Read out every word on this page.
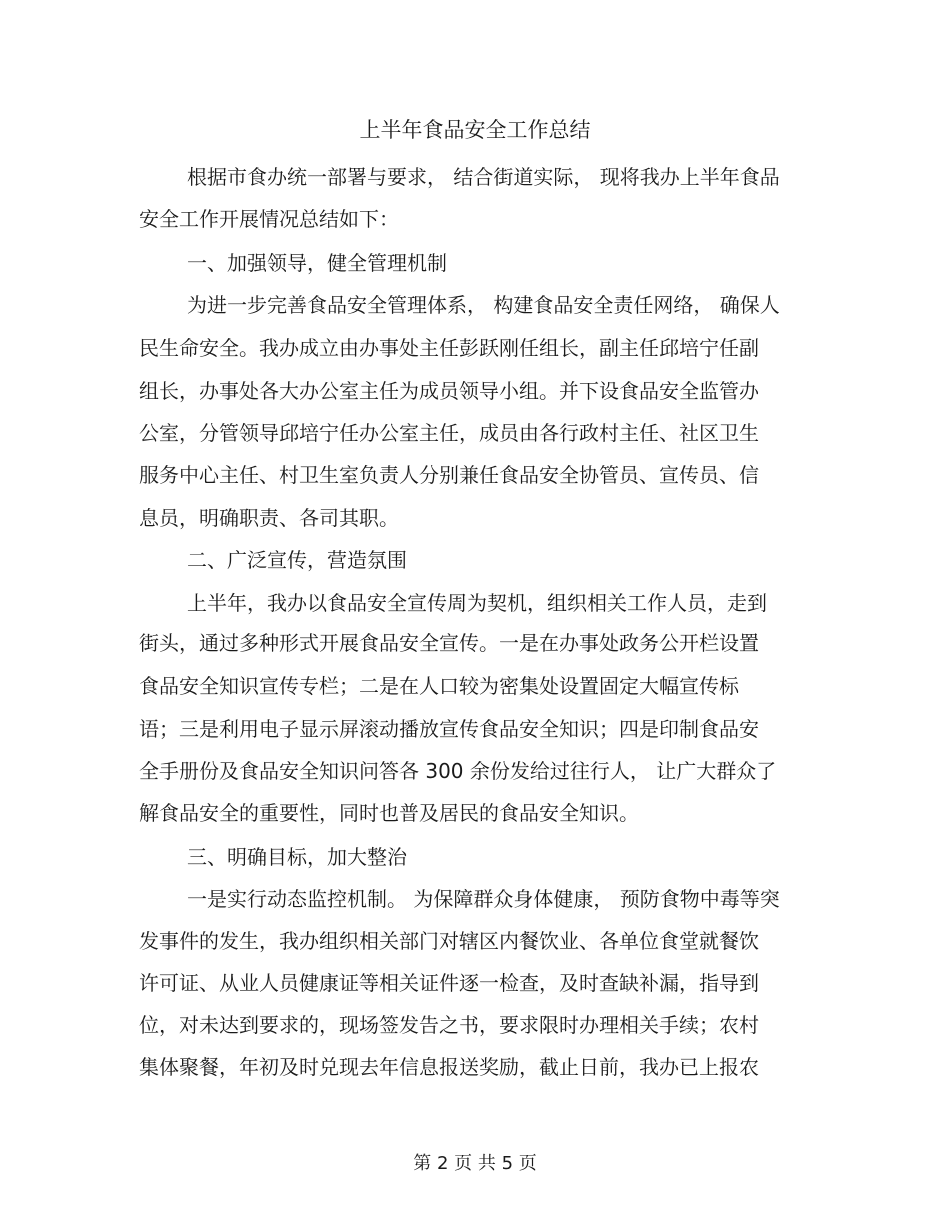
上半年食品安全工作总结
根据市食办统一部署与要求， 结合街道实际， 现将我办上半年食品
安全工作开展情况总结如下：
一、加强领导，健全管理机制
为进一步完善食品安全管理体系， 构建食品安全责任网络， 确保人
民生命安全。我办成立由办事处主任彭跃刚任组长，副主任邱培宁任副
组长，办事处各大办公室主任为成员领导小组。并下设食品安全监管办
公室，分管领导邱培宁任办公室主任，成员由各行政村主任、社区卫生
服务中心主任、村卫生室负责人分别兼任食品安全协管员、宣传员、信
息员，明确职责、各司其职。
二、广泛宣传，营造氛围
上半年，我办以食品安全宣传周为契机，组织相关工作人员，走到
街头，通过多种形式开展食品安全宣传。一是在办事处政务公开栏设置
食品安全知识宣传专栏；二是在人口较为密集处设置固定大幅宣传标
语；三是利用电子显示屏滚动播放宣传食品安全知识；四是印制食品安
全手册份及食品安全知识问答各 300 余份发给过往行人， 让广大群众了
解食品安全的重要性，同时也普及居民的食品安全知识。
三、明确目标，加大整治
一是实行动态监控机制。 为保障群众身体健康， 预防食物中毒等突
发事件的发生，我办组织相关部门对辖区内餐饮业、各单位食堂就餐饮
许可证、从业人员健康证等相关证件逐一检查，及时查缺补漏，指导到
位，对未达到要求的，现场签发告之书，要求限时办理相关手续；农村
集体聚餐，年初及时兑现去年信息报送奖励，截止日前，我办已上报农
第 2 页 共 5 页
